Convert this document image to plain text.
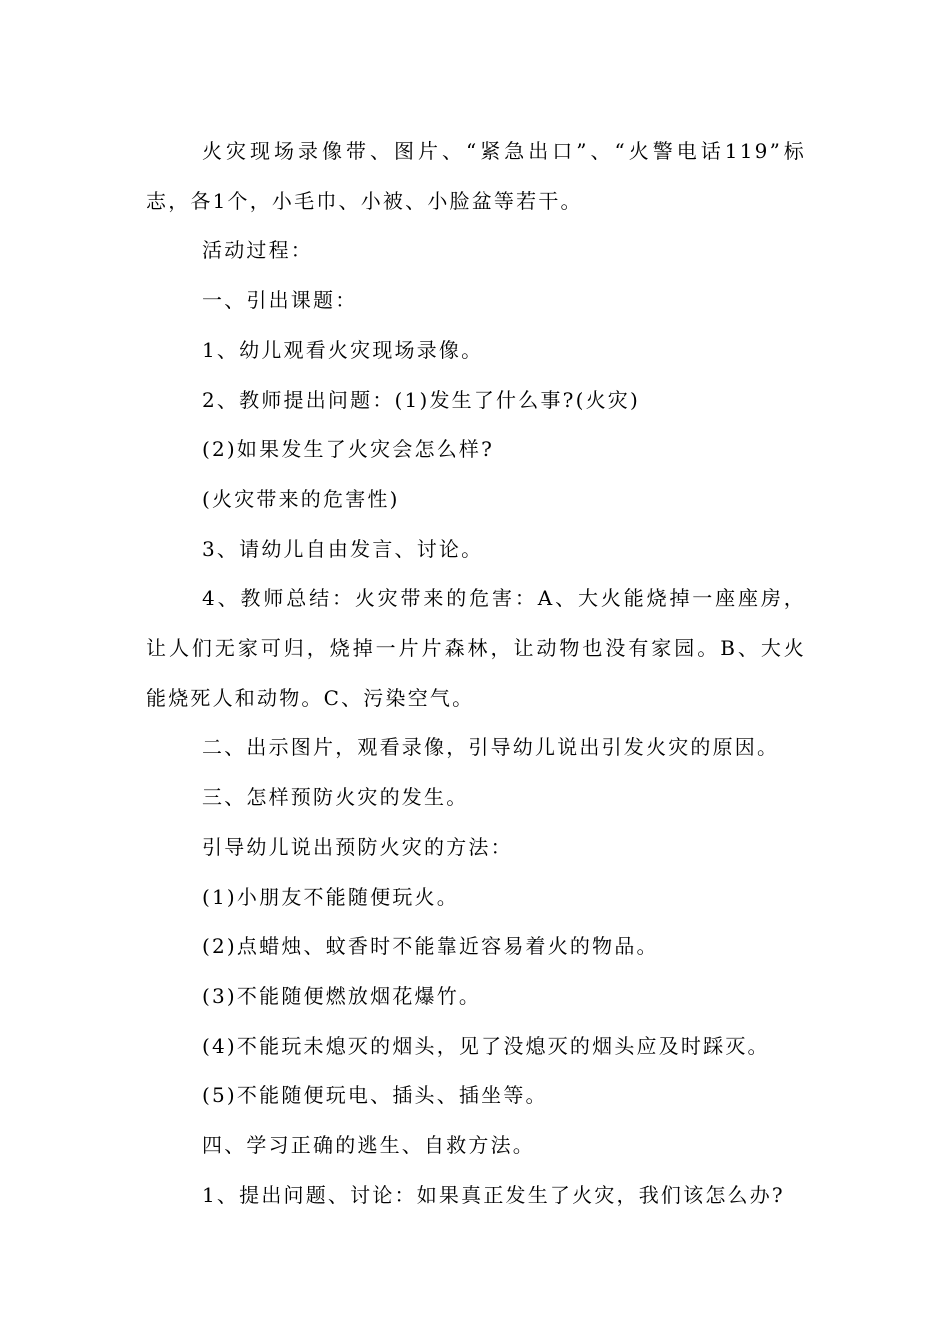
火灾现场录像带、图片、“紧急出口”、“火警电话119”标志，各1个，小毛巾、小被、小脸盆等若干。

活动过程：

一、引出课题：

1、幼儿观看火灾现场录像。

2、教师提出问题：(1)发生了什么事?(火灾)

(2)如果发生了火灾会怎么样?

(火灾带来的危害性)

3、请幼儿自由发言、讨论。

4、教师总结：火灾带来的危害：A、大火能烧掉一座座房，让人们无家可归，烧掉一片片森林，让动物也没有家园。B、大火能烧死人和动物。C、污染空气。

二、出示图片，观看录像，引导幼儿说出引发火灾的原因。

三、怎样预防火灾的发生。

引导幼儿说出预防火灾的方法：

(1)小朋友不能随便玩火。

(2)点蜡烛、蚊香时不能靠近容易着火的物品。

(3)不能随便燃放烟花爆竹。

(4)不能玩未熄灭的烟头，见了没熄灭的烟头应及时踩灭。

(5)不能随便玩电、插头、插坐等。

四、学习正确的逃生、自救方法。

1、提出问题、讨论：如果真正发生了火灾，我们该怎么办?
